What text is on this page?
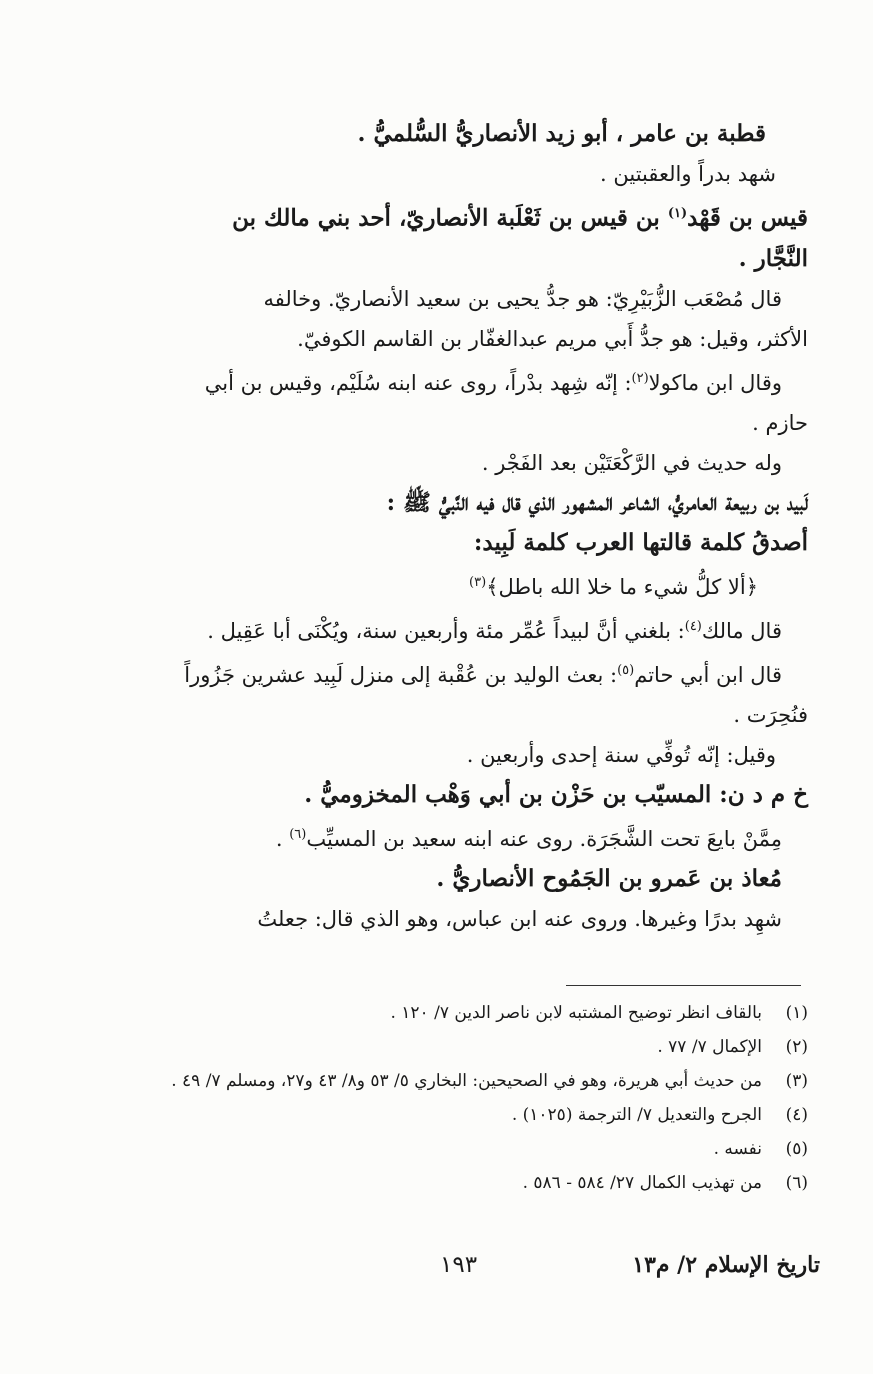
قطبة بن عامر ، أبو زيد الأنصاريُّ السُّلميُّ .
شهد بدراً والعقبتين .
قيس بن قَهْد$^{(١)}$ بن قيس بن ثَعْلَبة الأنصاريّ، أحد بني مالك بن
النَّجَّار .
قال مُصْعَب الزُّبَيْرِيّ: هو جدُّ يحيى بن سعيد الأنصاريّ. وخالفه
الأكثر، وقيل: هو جدُّ أَبي مريم عبدالغفّار بن القاسم الكوفيّ.
وقال ابن ماكولا$^{(٢)}$: إنّه شِهد بدْراً، روى عنه ابنه سُلَيْم، وقيس بن أبي
حازم .
وله حديث في الرَّكْعَتَيْن بعد الفَجْر .
لَبيد بن ربيعة العامريُّ، الشاعر المشهور الذي قال فيه النَّبيُّ ﷺ :
أصدقُ كلمة قالتها العرب كلمة لَبِيد:
﴿ألا كلُّ شيء ما خلا الله باطل﴾$^{(٣)}$
قال مالك$^{(٤)}$: بلغني أنَّ لبيداً عُمِّر مئة وأربعين سنة، ويُكْنَى أبا عَقِيل .
قال ابن أبي حاتم$^{(٥)}$: بعث الوليد بن عُقْبة إلى منزل لَبِيد عشرين جَزُوراً
فنُحِرَت .
وقيل: إنّه تُوفِّي سنة إحدى وأربعين .
خ م د ن: المسيّب بن حَزْن بن أبي وَهْب المخزوميُّ .
مِمَّنْ بايعَ تحت الشَّجَرَة. روى عنه ابنه سعيد بن المسيِّب$^{(٦)}$ .
مُعاذ بن عَمرو بن الجَمُوح الأنصاريُّ .
شهِد بدرًا وغيرها. وروى عنه ابن عباس، وهو الذي قال: جعلتُ
(١)
بالقاف انظر توضيح المشتبه لابن ناصر الدين ٧/ ١٢٠ .
(٢)
الإكمال ٧/ ٧٧ .
(٣)
من حديث أبي هريرة، وهو في الصحيحين: البخاري ٥/ ٥٣ و٨/ ٤٣ و٢٧، ومسلم ٧/ ٤٩ .
(٤)
الجرح والتعديل ٧/ الترجمة (١٠٢٥) .
(٥)
نفسه .
(٦)
من تهذيب الكمال ٢٧/ ٥٨٤ - ٥٨٦ .
تاريخ الإسلام ٢/ م١٣
١٩٣
